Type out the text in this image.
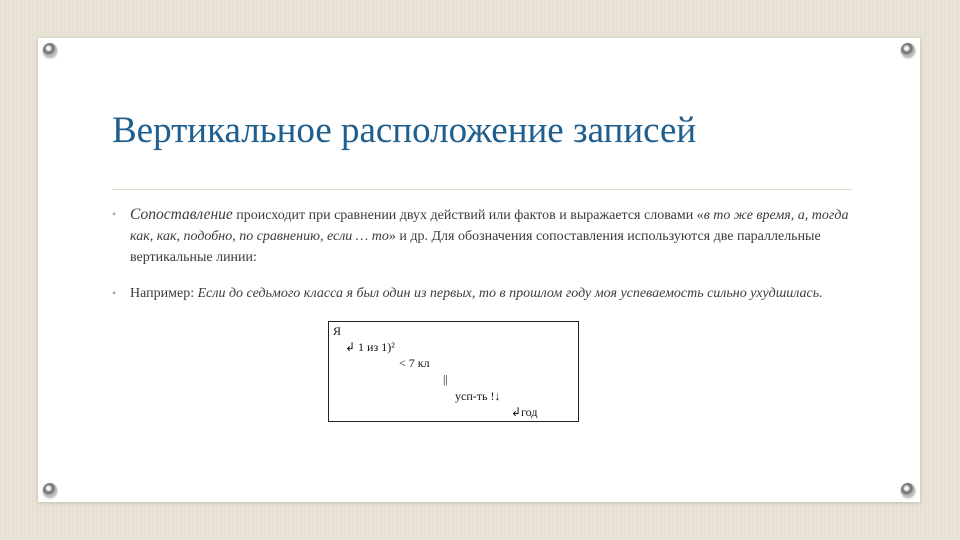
Вертикальное расположение записей
• Сопоставление происходит при сравнении двух действий или фактов и выражается словами «в то же время, а, тогда как, как, подобно, по сравнению, если … то» и др. Для обозначения сопоставления используются две параллельные вертикальные линии:
• Например: Если до седьмого класса я был один из первых, то в прошлом году моя успеваемость сильно ухудшилась.
Я
↲ 1 из 1)²
< 7 кл
||
усп-ть !↓
↲год
